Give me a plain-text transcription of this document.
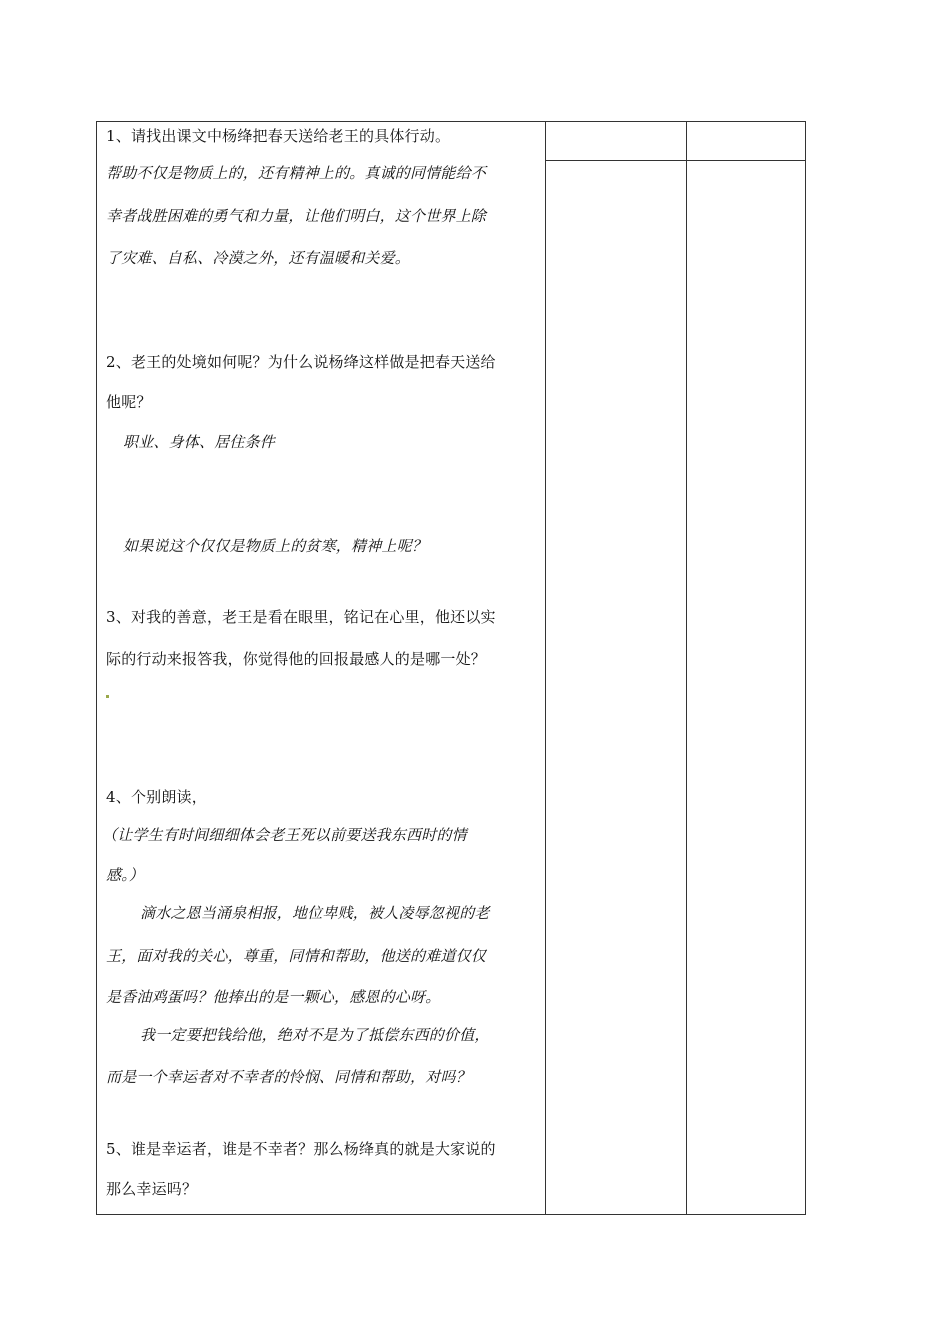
1、请找出课文中杨绛把春天送给老王的具体行动。
帮助不仅是物质上的，还有精神上的。真诚的同情能给不
幸者战胜困难的勇气和力量，让他们明白，这个世界上除
了灾难、自私、冷漠之外，还有温暖和关爱。
2、老王的处境如何呢？为什么说杨绛这样做是把春天送给
他呢？
职业、身体、居住条件
如果说这个仅仅是物质上的贫寒，精神上呢？
3、对我的善意，老王是看在眼里，铭记在心里，他还以实
际的行动来报答我，你觉得他的回报最感人的是哪一处？
4、个别朗读，
（让学生有时间细细体会老王死以前要送我东西时的情
感。）
滴水之恩当涌泉相报，地位卑贱，被人凌辱忽视的老
王，面对我的关心，尊重，同情和帮助，他送的难道仅仅
是香油鸡蛋吗？他捧出的是一颗心，感恩的心呀。
我一定要把钱给他，绝对不是为了抵偿东西的价值，
而是一个幸运者对不幸者的怜悯、同情和帮助，对吗？
5、谁是幸运者，谁是不幸者？那么杨绛真的就是大家说的
那么幸运吗？
